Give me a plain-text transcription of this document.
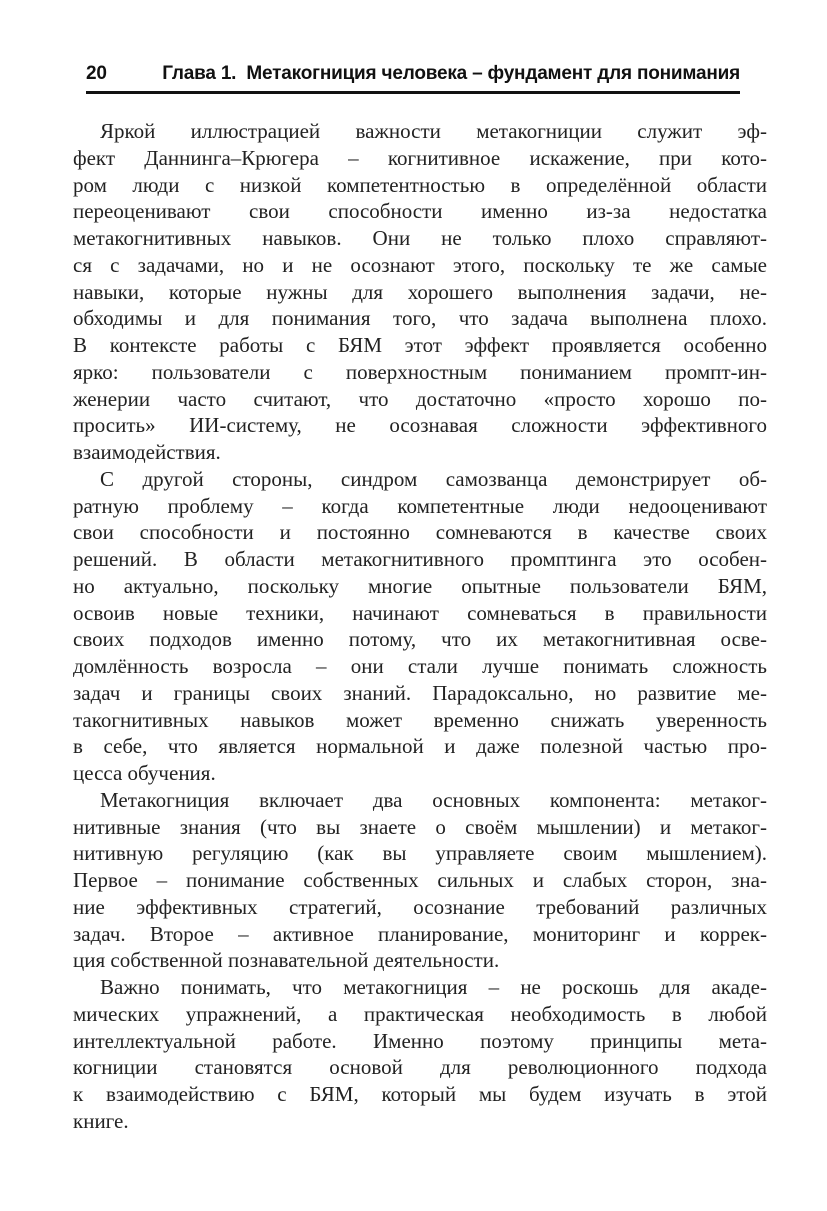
20	Глава 1.  Метакогниция человека – фундамент для понимания
Яркой иллюстрацией важности метакогниции служит эф-
фект Даннинга–Крюгера – когнитивное искажение, при кото-
ром люди с низкой компетентностью в определённой области
переоценивают свои способности именно из-за недостатка
метакогнитивных навыков. Они не только плохо справляют-
ся с задачами, но и не осознают этого, поскольку те же самые
навыки, которые нужны для хорошего выполнения задачи, не-
обходимы и для понимания того, что задача выполнена плохо.
В контексте работы с БЯМ этот эффект проявляется особенно
ярко: пользователи с поверхностным пониманием промпт-ин-
женерии часто считают, что достаточно «просто хорошо по-
просить» ИИ-систему, не осознавая сложности эффективного
взаимодействия.
С другой стороны, синдром самозванца демонстрирует об-
ратную проблему – когда компетентные люди недооценивают
свои способности и постоянно сомневаются в качестве своих
решений. В области метакогнитивного промптинга это особен-
но актуально, поскольку многие опытные пользователи БЯМ,
освоив новые техники, начинают сомневаться в правильности
своих подходов именно потому, что их метакогнитивная осве-
домлённость возросла – они стали лучше понимать сложность
задач и границы своих знаний. Парадоксально, но развитие ме-
такогнитивных навыков может временно снижать уверенность
в себе, что является нормальной и даже полезной частью про-
цесса обучения.
Метакогниция включает два основных компонента: метаког-
нитивные знания (что вы знаете о своём мышлении) и метаког-
нитивную регуляцию (как вы управляете своим мышлением).
Первое – понимание собственных сильных и слабых сторон, зна-
ние эффективных стратегий, осознание требований различных
задач. Второе – активное планирование, мониторинг и коррек-
ция собственной познавательной деятельности.
Важно понимать, что метакогниция – не роскошь для акаде-
мических упражнений, а практическая необходимость в любой
интеллектуальной работе. Именно поэтому принципы мета-
когниции становятся основой для революционного подхода
к взаимодействию с БЯМ, который мы будем изучать в этой
книге.
